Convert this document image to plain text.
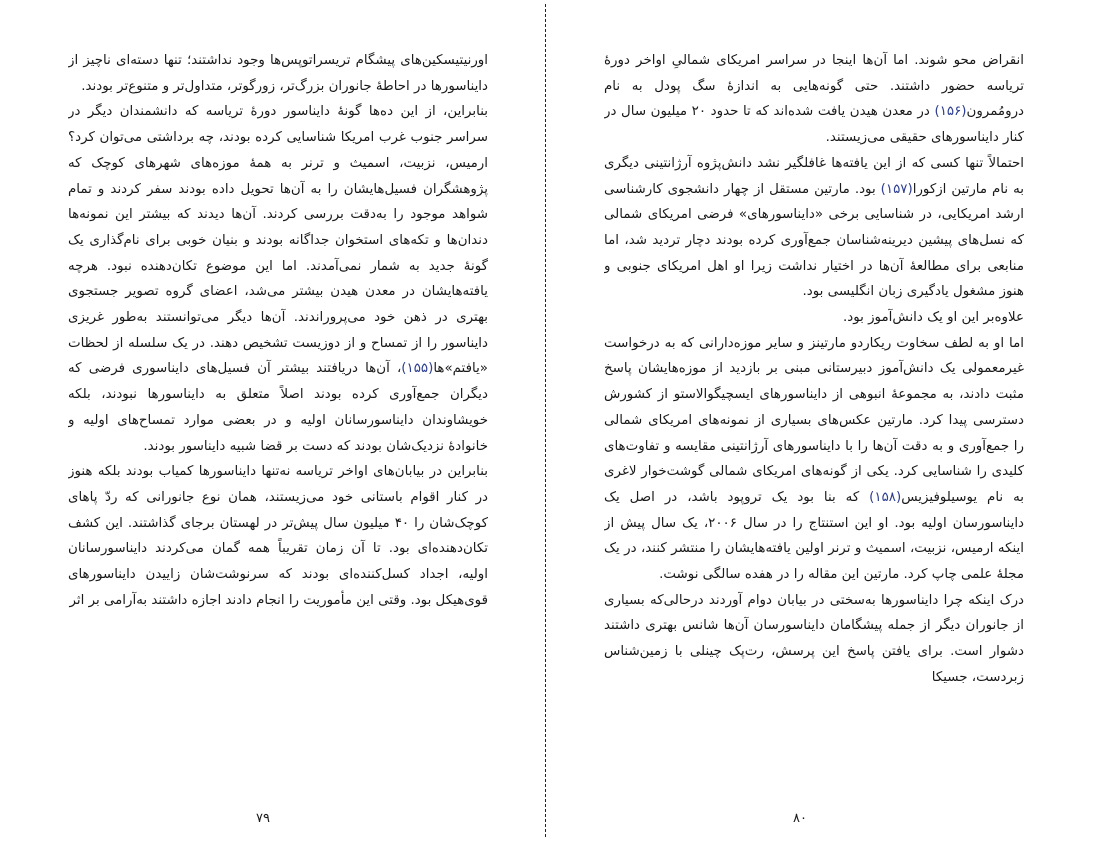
اورنیتیسکین‌های پیشگام تریسراتوپس‌ها وجود نداشتند؛ تنها دسته‌ای ناچیز از دایناسورها در احاطهٔ جانوران بزرگ‌تر، زورگوتر، متداول‌تر و متنوع‌تر بودند.

بنابراین، از این ده‌ها گونهٔ دایناسور دورهٔ تریاسه که دانشمندان دیگر در سراسر جنوب غرب امریکا شناسایی کرده بودند، چه برداشتی می‌توان کرد؟ ارمیس، نزبیت، اسمیث و ترنر به همهٔ موزه‌های شهرهای کوچک که پژوهشگران فسیل‌هایشان را به آن‌ها تحویل داده بودند سفر کردند و تمام شواهد موجود را به‌دقت بررسی کردند. آن‌ها دیدند که بیشتر این نمونه‌ها دندان‌ها و تکه‌های استخوان جداگانه بودند و بنیان خوبی برای نام‌گذاری یک گونهٔ جدید به شمار نمی‌آمدند. اما این موضوع تکان‌دهنده نبود. هرچه یافته‌هایشان در معدن هیدن بیشتر می‌شد، اعضای گروه تصویر جستجوی بهتری در ذهن خود می‌پروراندند. آن‌ها دیگر می‌توانستند به‌طور غریزی دایناسور را از تمساح و از دوزیست تشخیص دهند. در یک سلسله از لحظات «یافتم»ها(۱۵۵)، آن‌ها دریافتند بیشتر آن فسیل‌های دایناسوری فرضی که دیگران جمع‌آوری کرده بودند اصلاً متعلق به دایناسورها نبودند، بلکه خویشاوندان دایناسورسانان اولیه و در بعضی موارد تمساح‌های اولیه و خانوادهٔ نزدیک‌شان بودند که دست بر قضا شبیه دایناسور بودند.

بنابراین در بیابان‌های اواخر تریاسه نه‌تنها دایناسورها کمیاب بودند بلکه هنوز در کنار اقوام باستانی خود می‌زیستند، همان نوع جانورانی که ردّ پاهای کوچک‌شان را ۴۰ میلیون سال پیش‌تر در لهستان برجای گذاشتند. این کشف تکان‌دهنده‌ای بود. تا آن زمان تقریباً همه گمان می‌کردند دایناسورسانان اولیه، اجداد کسل‌کننده‌ای بودند که سرنوشت‌شان زاییدن دایناسورهای قوی‌هیکل بود. وقتی این مأموریت را انجام دادند اجازه داشتند به‌آرامی بر اثر

انقراض محو شوند. اما آن‌ها اینجا در سراسر امریکای شمالیِ اواخر دورهٔ تریاسه حضور داشتند. حتی گونه‌هایی به اندازهٔ سگ پودل به نام درومُمرون(۱۵۶) در معدن هیدن یافت شده‌اند که تا حدود ۲۰ میلیون سال در کنار دایناسورهای حقیقی می‌زیستند.

احتمالاً تنها کسی که از این یافته‌ها غافلگیر نشد دانش‌پژوه آرژانتینی دیگری به نام مارتین ازکورا(۱۵۷) بود. مارتین مستقل از چهار دانشجوی کارشناسی ارشد امریکایی، در شناسایی برخی «دایناسورهای» فرضی امریکای شمالی که نسل‌های پیشین دیرینه‌شناسان جمع‌آوری کرده بودند دچار تردید شد، اما منابعی برای مطالعهٔ آن‌ها در اختیار نداشت زیرا او اهل امریکای جنوبی و هنوز مشغول یادگیری زبان انگلیسی بود.

علاوه‌بر این او یک دانش‌آموز بود.

اما او به لطف سخاوت ریکاردو مارتینز و سایر موزه‌دارانی که به درخواست غیرمعمولی یک دانش‌آموز دبیرستانی مبنی بر بازدید از موزه‌هایشان پاسخ مثبت دادند، به مجموعهٔ انبوهی از دایناسورهای ایسچیگوالاستو از کشورش دسترسی پیدا کرد. مارتین عکس‌های بسیاری از نمونه‌های امریکای شمالی را جمع‌آوری و به دقت آن‌ها را با دایناسورهای آرژانتینی مقایسه و تفاوت‌های کلیدی را شناسایی کرد. یکی از گونه‌های امریکای شمالی گوشت‌خوار لاغری به نام یوسیلوفیزیس(۱۵۸) که بنا بود یک تروپود باشد، در اصل یک دایناسورسان اولیه بود. او این استنتاج را در سال ۲۰۰۶، یک سال پیش از اینکه ارمیس، نزبیت، اسمیث و ترنر اولین یافته‌هایشان را منتشر کنند، در یک مجلهٔ علمی چاپ کرد. مارتین این مقاله را در هفده سالگی نوشت.

درک اینکه چرا دایناسورها به‌سختی در بیابان دوام آوردند درحالی‌که بسیاری از جانوران دیگر از جمله پیشگامان دایناسورسان آن‌ها شانس بهتری داشتند دشوار است. برای یافتن پاسخ این پرسش، رت‌پک چینلی با زمین‌شناس زبردست، جسیکا

۷۹	۸۰
